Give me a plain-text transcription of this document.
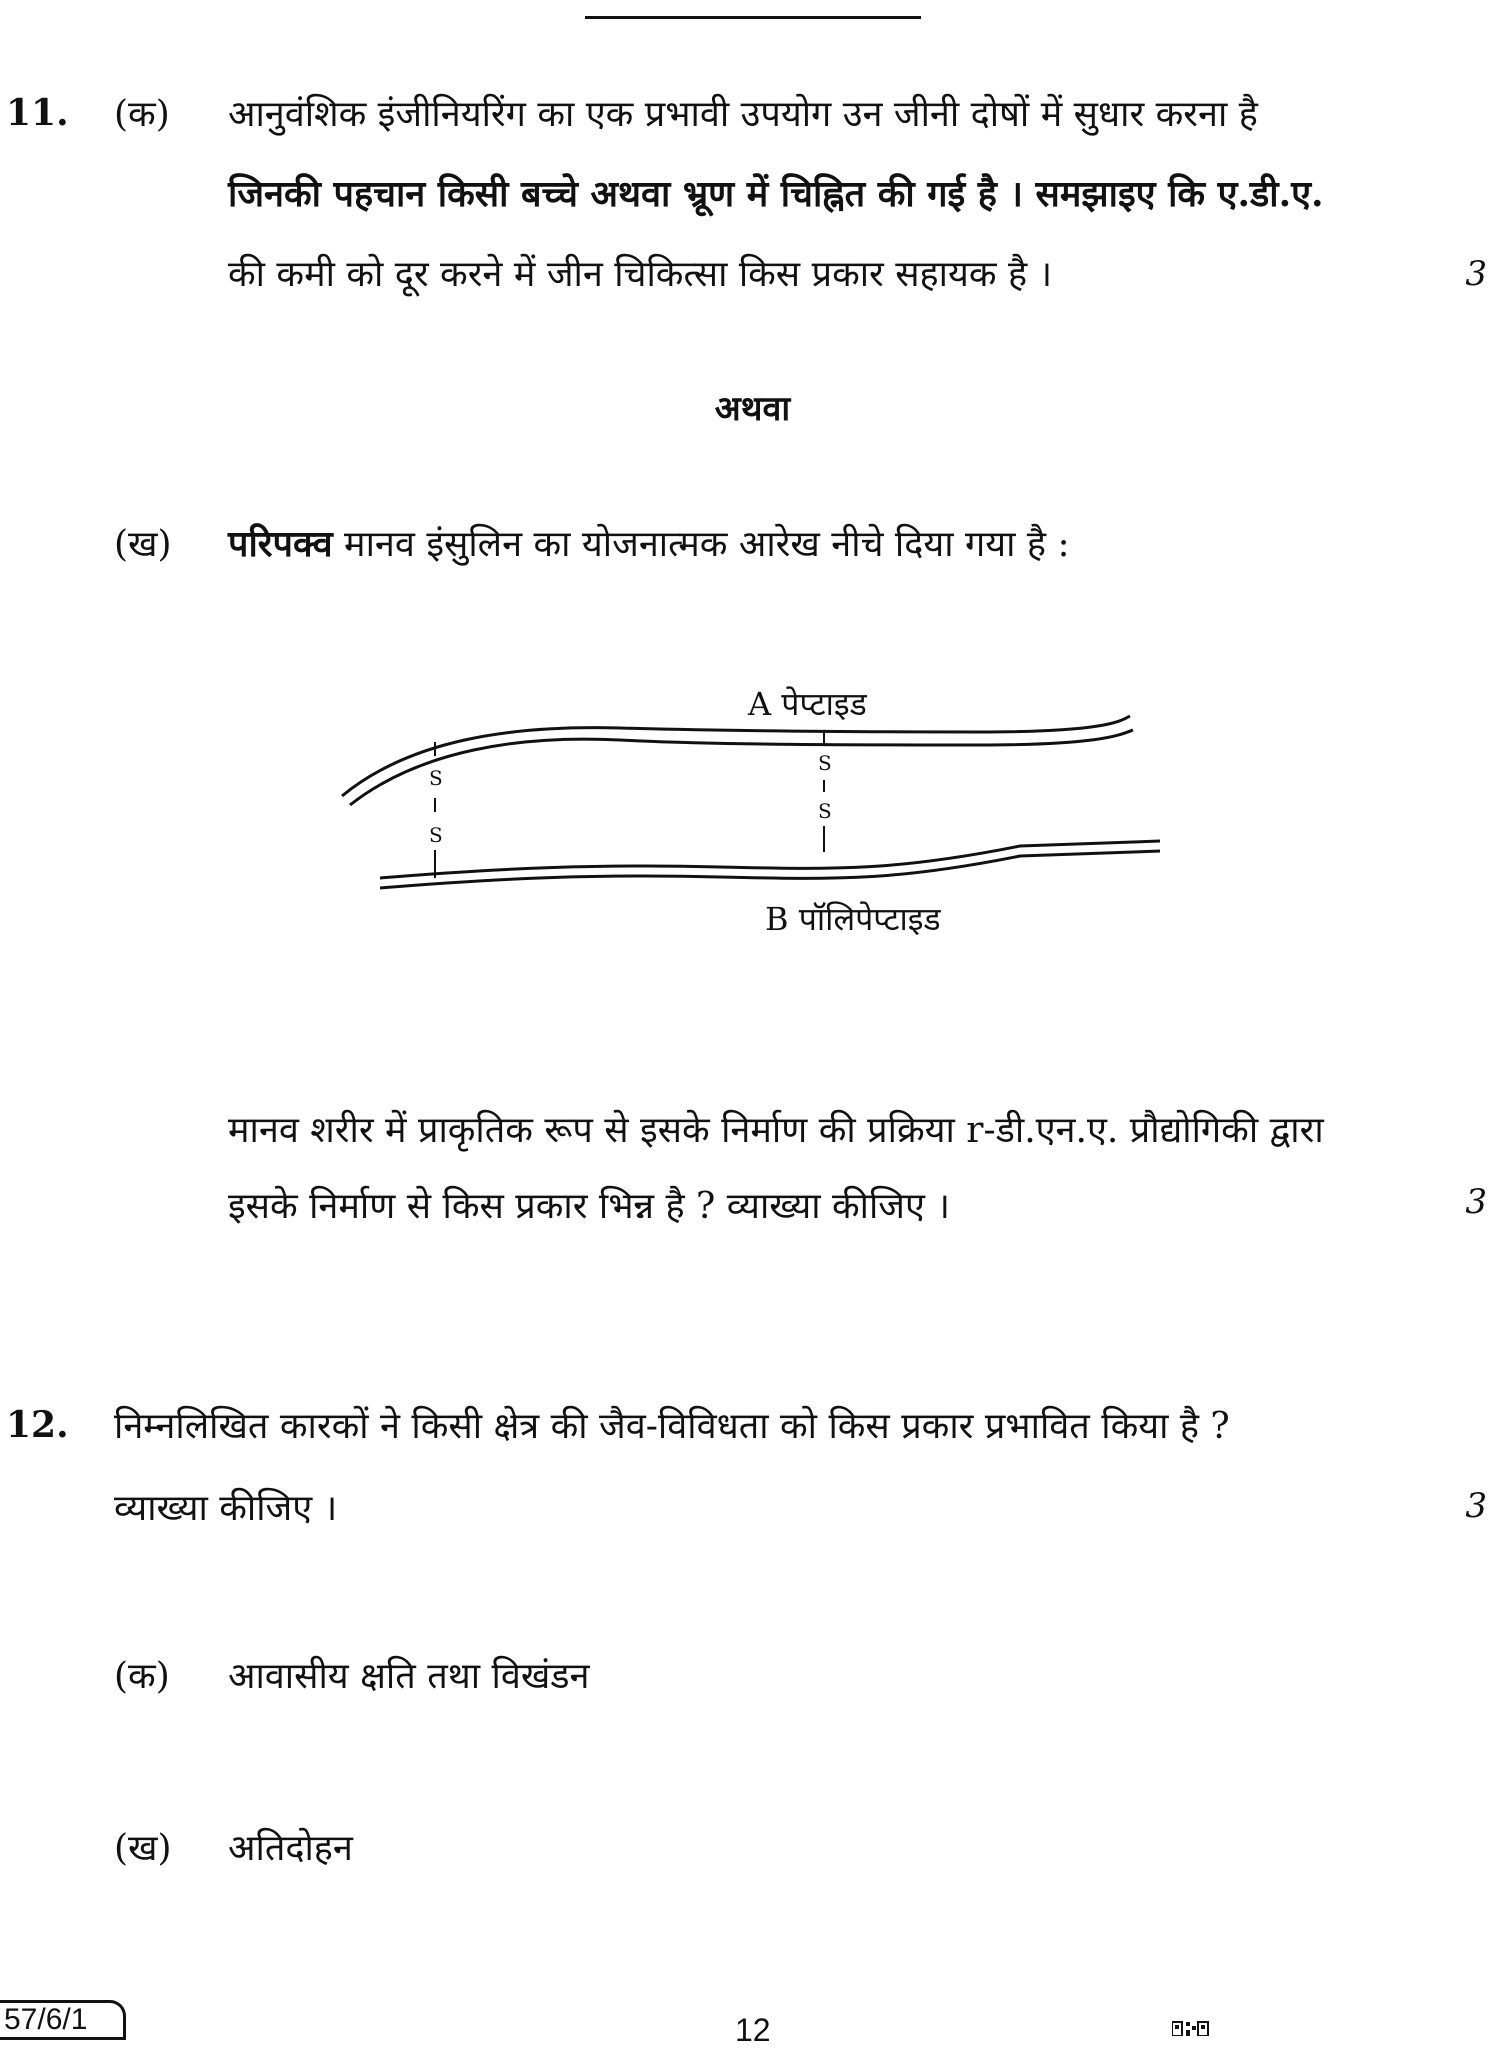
11. (क) आनुवंशिक इंजीनियरिंग का एक प्रभावी उपयोग उन जीनी दोषों में सुधार करना है
जिनकी पहचान किसी बच्चे अथवा भ्रूण में चिह्नित की गई है । समझाइए कि ए.डी.ए.
की कमी को दूर करने में जीन चिकित्सा किस प्रकार सहायक है ।	3
अथवा
(ख) परिपक्व मानव इंसुलिन का योजनात्मक आरेख नीचे दिया गया है :
S
S
S
S
A पेप्टाइड
B पॉलिपेप्टाइड
मानव शरीर में प्राकृतिक रूप से इसके निर्माण की प्रक्रिया r-डी.एन.ए. प्रौद्योगिकी द्वारा
इसके निर्माण से किस प्रकार भिन्न है ? व्याख्या कीजिए ।	3
12. निम्नलिखित कारकों ने किसी क्षेत्र की जैव-विविधता को किस प्रकार प्रभावित किया है ?
व्याख्या कीजिए ।	3
(क) आवासीय क्षति तथा विखंडन
(ख) अतिदोहन
57/6/1	12
